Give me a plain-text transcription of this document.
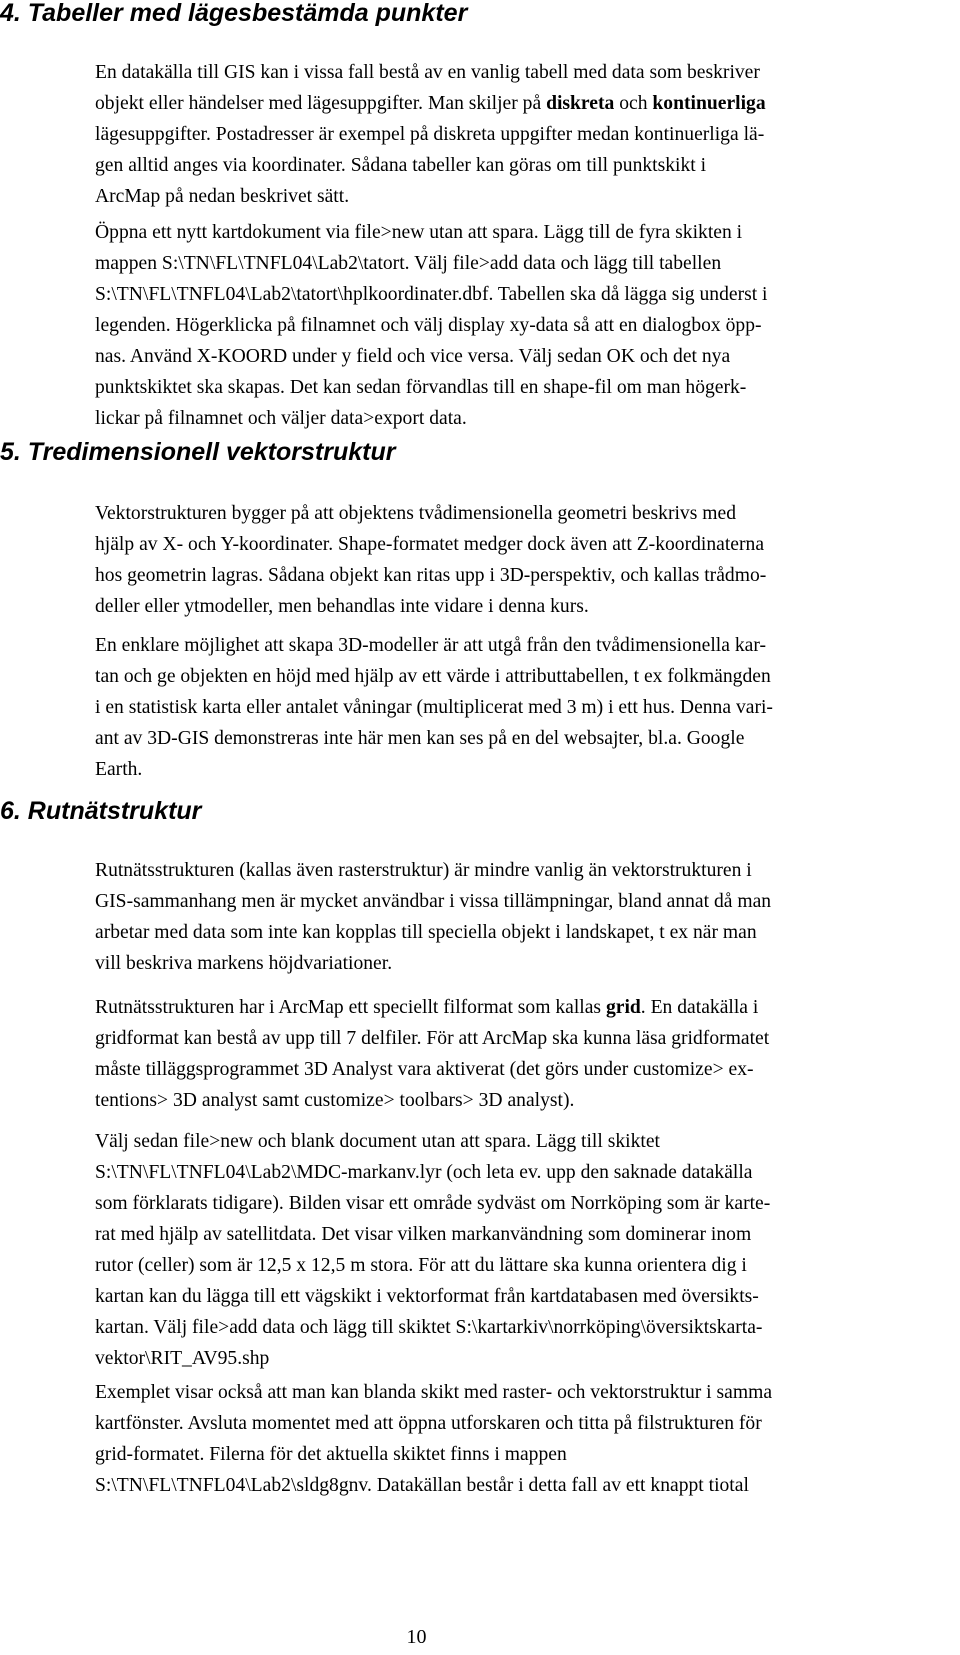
4. Tabeller med lägesbestämda punkter

En datakälla till GIS kan i vissa fall bestå av en vanlig tabell med data som beskriver
objekt eller händelser med lägesuppgifter. Man skiljer på diskreta och kontinuerliga
lägesuppgifter. Postadresser är exempel på diskreta uppgifter medan kontinuerliga lä-
gen alltid anges via koordinater. Sådana tabeller kan göras om till punktskikt i
ArcMap på nedan beskrivet sätt.

Öppna ett nytt kartdokument via file>new utan att spara. Lägg till de fyra skikten i
mappen S:\TN\FL\TNFL04\Lab2\tatort. Välj file>add data och lägg till tabellen
S:\TN\FL\TNFL04\Lab2\tatort\hplkoordinater.dbf. Tabellen ska då lägga sig underst i
legenden. Högerklicka på filnamnet och välj display xy-data så att en dialogbox öpp-
nas. Använd X-KOORD under y field och vice versa. Välj sedan OK och det nya
punktskiktet ska skapas. Det kan sedan förvandlas till en shape-fil om man högerk-
lickar på filnamnet och väljer data>export data.

5. Tredimensionell vektorstruktur

Vektorstrukturen bygger på att objektens tvådimensionella geometri beskrivs med
hjälp av X- och Y-koordinater. Shape-formatet medger dock även att Z-koordinaterna
hos geometrin lagras. Sådana objekt kan ritas upp i 3D-perspektiv, och kallas trådmo-
deller eller ytmodeller, men behandlas inte vidare i denna kurs.

En enklare möjlighet att skapa 3D-modeller är att utgå från den tvådimensionella kar-
tan och ge objekten en höjd med hjälp av ett värde i attributtabellen, t ex folkmängden
i en statistisk karta eller antalet våningar (multiplicerat med 3 m) i ett hus. Denna vari-
ant av 3D-GIS demonstreras inte här men kan ses på en del websajter, bl.a. Google
Earth.

6. Rutnätstruktur

Rutnätsstrukturen (kallas även rasterstruktur) är mindre vanlig än vektorstrukturen i
GIS-sammanhang men är mycket användbar i vissa tillämpningar, bland annat då man
arbetar med data som inte kan kopplas till speciella objekt i landskapet, t ex när man
vill beskriva markens höjdvariationer.

Rutnätsstrukturen har i ArcMap ett speciellt filformat som kallas grid. En datakälla i
gridformat kan bestå av upp till 7 delfiler. För att ArcMap ska kunna läsa gridformatet
måste tilläggsprogrammet 3D Analyst vara aktiverat (det görs under customize> ex-
tentions> 3D analyst samt customize> toolbars> 3D analyst).

Välj sedan file>new och blank document utan att spara. Lägg till skiktet
S:\TN\FL\TNFL04\Lab2\MDC-markanv.lyr (och leta ev. upp den saknade datakälla
som förklarats tidigare). Bilden visar ett område sydväst om Norrköping som är karte-
rat med hjälp av satellitdata. Det visar vilken markanvändning som dominerar inom
rutor (celler) som är 12,5 x 12,5 m stora. För att du lättare ska kunna orientera dig i
kartan kan du lägga till ett vägskikt i vektorformat från kartdatabasen med översikts-
kartan. Välj file>add data och lägg till skiktet S:\kartarkiv\norrköping\översiktskarta-
vektor\RIT_AV95.shp

Exemplet visar också att man kan blanda skikt med raster- och vektorstruktur i samma
kartfönster. Avsluta momentet med att öppna utforskaren och titta på filstrukturen för
grid-formatet. Filerna för det aktuella skiktet finns i mappen
S:\TN\FL\TNFL04\Lab2\sldg8gnv. Datakällan består i detta fall av ett knappt tiotal

10
